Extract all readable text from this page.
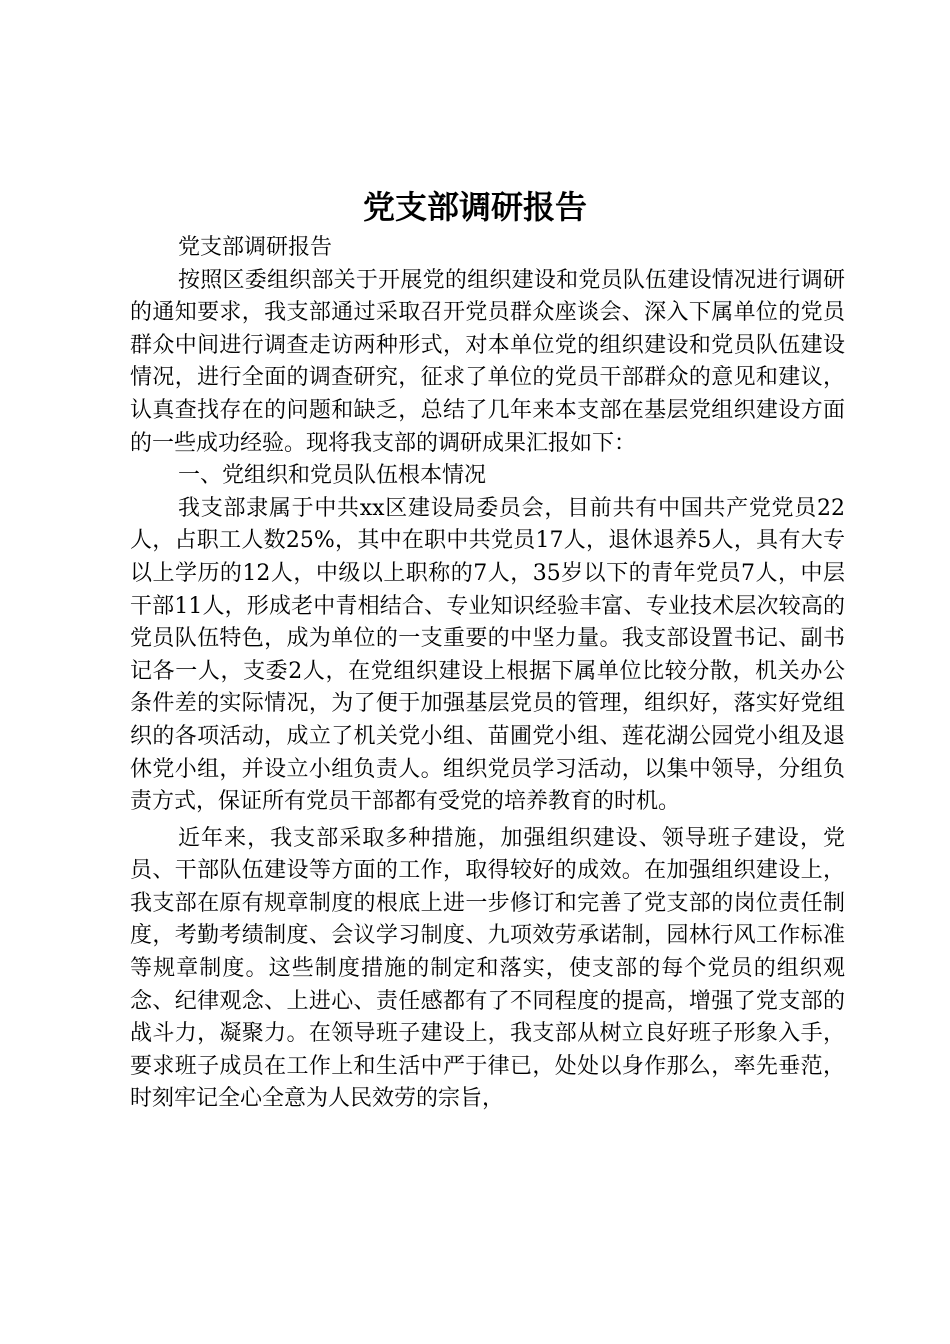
党支部调研报告

党支部调研报告

按照区委组织部关于开展党的组织建设和党员队伍建设情况进行调研的通知要求，我支部通过采取召开党员群众座谈会、深入下属单位的党员群众中间进行调查走访两种形式，对本单位党的组织建设和党员队伍建设情况，进行全面的调查研究，征求了单位的党员干部群众的意见和建议，认真查找存在的问题和缺乏，总结了几年来本支部在基层党组织建设方面的一些成功经验。现将我支部的调研成果汇报如下：

一、党组织和党员队伍根本情况

我支部隶属于中共xx区建设局委员会，目前共有中国共产党党员22人，占职工人数25%，其中在职中共党员17人，退休退养5人，具有大专以上学历的12人，中级以上职称的7人，35岁以下的青年党员7人，中层干部11人，形成老中青相结合、专业知识经验丰富、专业技术层次较高的党员队伍特色，成为单位的一支重要的中坚力量。我支部设置书记、副书记各一人，支委2人，在党组织建设上根据下属单位比较分散，机关办公条件差的实际情况，为了便于加强基层党员的管理，组织好，落实好党组织的各项活动，成立了机关党小组、苗圃党小组、莲花湖公园党小组及退休党小组，并设立小组负责人。组织党员学习活动，以集中领导，分组负责方式，保证所有党员干部都有受党的培养教育的时机。

近年来，我支部采取多种措施，加强组织建设、领导班子建设，党员、干部队伍建设等方面的工作，取得较好的成效。在加强组织建设上，我支部在原有规章制度的根底上进一步修订和完善了党支部的岗位责任制度，考勤考绩制度、会议学习制度、九项效劳承诺制，园林行风工作标准等规章制度。这些制度措施的制定和落实，使支部的每个党员的组织观念、纪律观念、上进心、责任感都有了不同程度的提高，增强了党支部的战斗力，凝聚力。在领导班子建设上，我支部从树立良好班子形象入手，要求班子成员在工作上和生活中严于律已，处处以身作那么，率先垂范，时刻牢记全心全意为人民效劳的宗旨，
